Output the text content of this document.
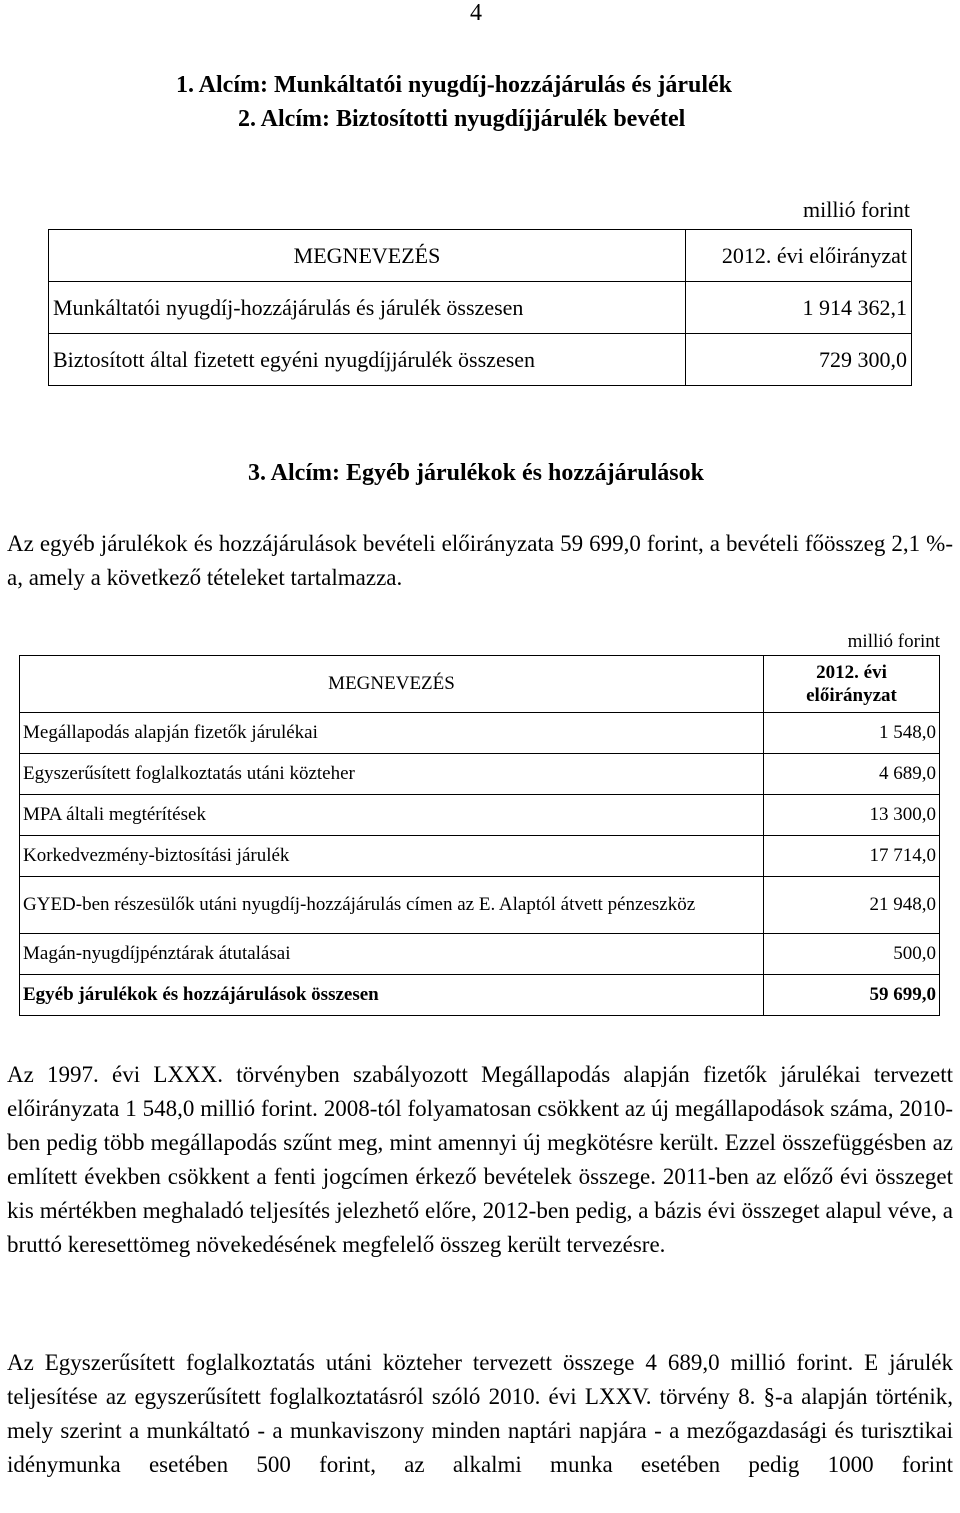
4
1. Alcím: Munkáltatói nyugdíj-hozzájárulás és járulék
2. Alcím: Biztosítotti nyugdíjjárulék bevétel
millió forint
MEGNEVEZÉS	2012. évi előirányzat
Munkáltatói nyugdíj-hozzájárulás és járulék összesen	1 914 362,1
Biztosított által fizetett egyéni nyugdíjjárulék összesen	729 300,0
3. Alcím: Egyéb járulékok és hozzájárulások
Az egyéb járulékok és hozzájárulások bevételi előirányzata 59 699,0 forint, a bevételi főösszeg 2,1 %-a, amely a következő tételeket tartalmazza.
millió forint
MEGNEVEZÉS	2012. évi
előirányzat
Megállapodás alapján fizetők járulékai	1 548,0
Egyszerűsített foglalkoztatás utáni közteher	4 689,0
MPA általi megtérítések	13 300,0
Korkedvezmény-biztosítási járulék	17 714,0
GYED-ben részesülők utáni nyugdíj-hozzájárulás címen az E. Alaptól átvett pénzeszköz	21 948,0
Magán-nyugdíjpénztárak átutalásai	500,0
Egyéb járulékok és hozzájárulások összesen	59 699,0
Az 1997. évi LXXX. törvényben szabályozott Megállapodás alapján fizetők járulékai tervezett előirányzata 1 548,0 millió forint. 2008-tól folyamatosan csökkent az új megállapodások száma, 2010-ben pedig több megállapodás szűnt meg, mint amennyi új megkötésre került. Ezzel összefüggésben az említett években csökkent a fenti jogcímen érkező bevételek összege. 2011-ben az előző évi összeget kis mértékben meghaladó teljesítés jelezhető előre, 2012-ben pedig, a bázis évi összeget alapul véve, a bruttó keresettömeg növekedésének megfelelő összeg került tervezésre.
Az Egyszerűsített foglalkoztatás utáni közteher tervezett összege 4 689,0 millió forint. E járulék teljesítése az egyszerűsített foglalkoztatásról szóló 2010. évi LXXV. törvény 8. §-a alapján történik, mely szerint a munkáltató - a munkaviszony minden naptári napjára - a mezőgazdasági és turisztikai idénymunka esetében 500 forint, az alkalmi munka esetében pedig 1000 forint
